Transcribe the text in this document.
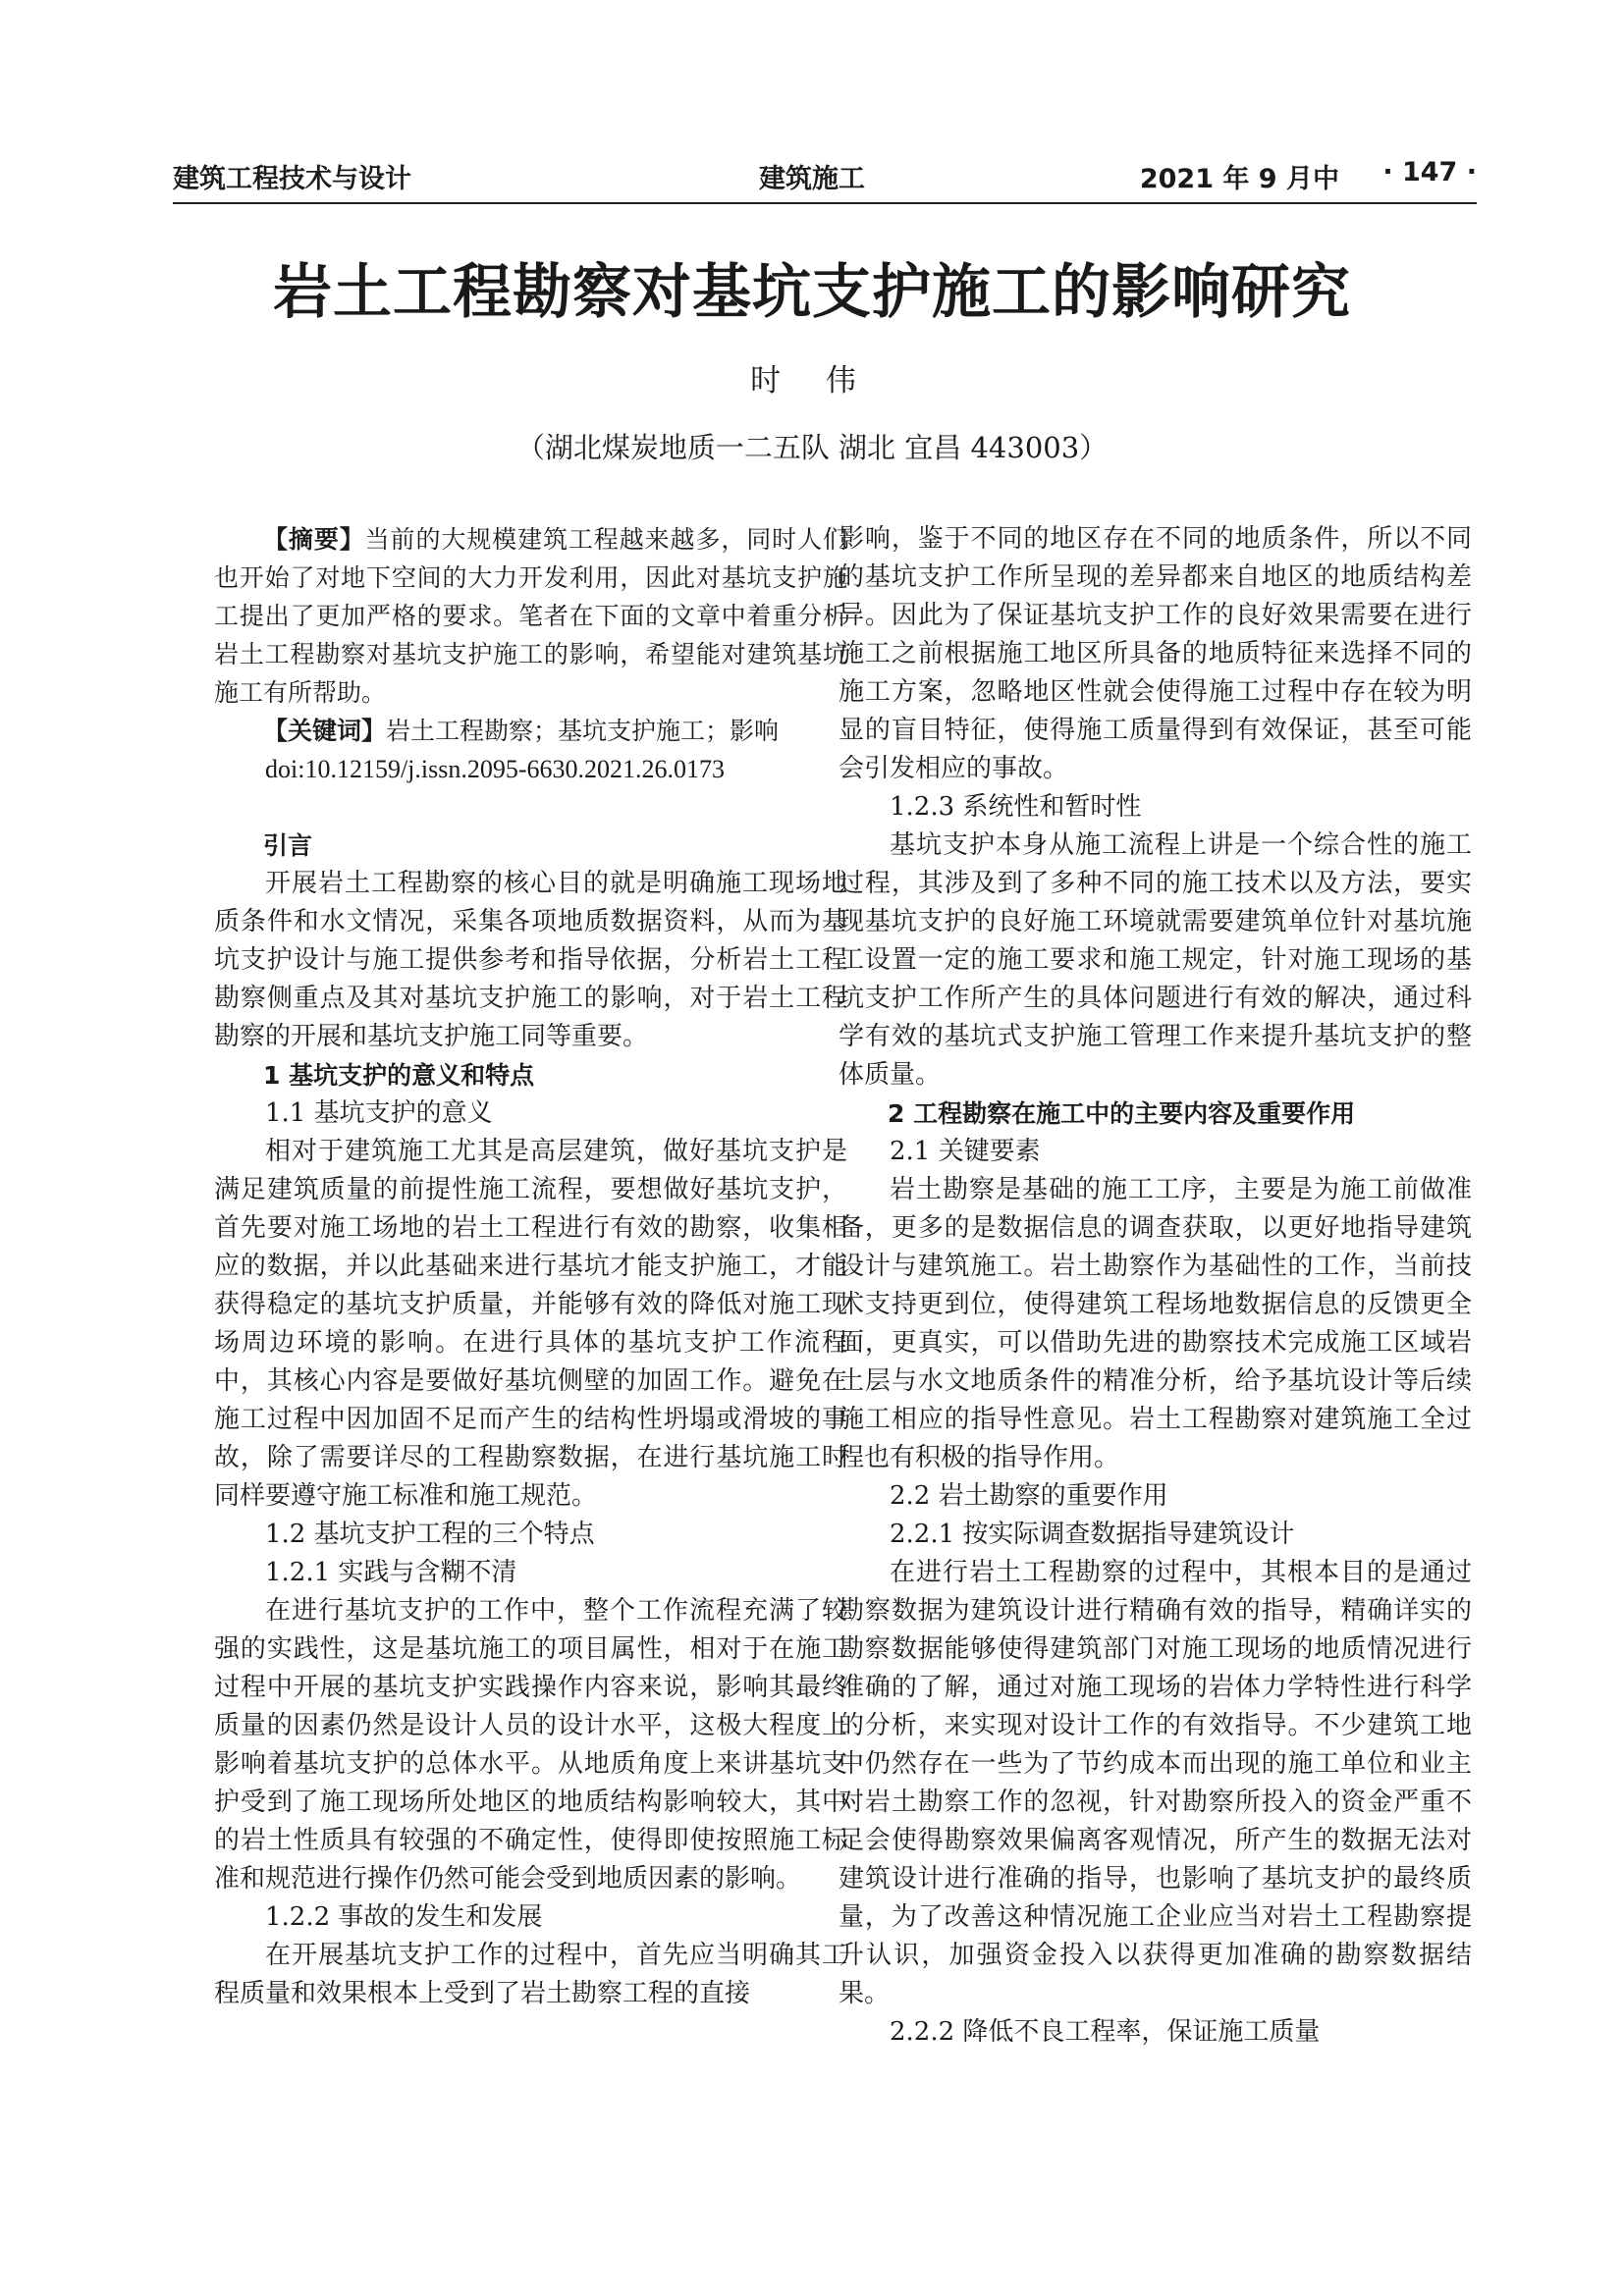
建筑工程技术与设计	建筑施工	2021 年 9 月中 · 147 ·
岩土工程勘察对基坑支护施工的影响研究
时 伟
（湖北煤炭地质一二五队 湖北 宜昌 443003）

【摘要】当前的大规模建筑工程越来越多，同时人们也开始了对地下空间的大力开发利用，因此对基坑支护施工提出了更加严格的要求。笔者在下面的文章中着重分析岩土工程勘察对基坑支护施工的影响，希望能对建筑基坑施工有所帮助。

【关键词】岩土工程勘察；基坑支护施工；影响

doi:10.12159/j.issn.2095-6630.2021.26.0173

引言

开展岩土工程勘察的核心目的就是明确施工现场地质条件和水文情况，采集各项地质数据资料，从而为基坑支护设计与施工提供参考和指导依据，分析岩土工程勘察侧重点及其对基坑支护施工的影响，对于岩土工程勘察的开展和基坑支护施工同等重要。

1 基坑支护的意义和特点

1.1 基坑支护的意义

相对于建筑施工尤其是高层建筑，做好基坑支护是满足建筑质量的前提性施工流程，要想做好基坑支护，首先要对施工场地的岩土工程进行有效的勘察，收集相应的数据，并以此基础来进行基坑才能支护施工，才能获得稳定的基坑支护质量，并能够有效的降低对施工现场周边环境的影响。在进行具体的基坑支护工作流程中，其核心内容是要做好基坑侧壁的加固工作。避免在施工过程中因加固不足而产生的结构性坍塌或滑坡的事故，除了需要详尽的工程勘察数据，在进行基坑施工时同样要遵守施工标准和施工规范。

1.2 基坑支护工程的三个特点

1.2.1 实践与含糊不清

在进行基坑支护的工作中，整个工作流程充满了较强的实践性，这是基坑施工的项目属性，相对于在施工过程中开展的基坑支护实践操作内容来说，影响其最终质量的因素仍然是设计人员的设计水平，这极大程度上影响着基坑支护的总体水平。从地质角度上来讲基坑支护受到了施工现场所处地区的地质结构影响较大，其中的岩土性质具有较强的不确定性，使得即使按照施工标准和规范进行操作仍然可能会受到地质因素的影响。

1.2.2 事故的发生和发展

在开展基坑支护工作的过程中，首先应当明确其工程质量和效果根本上受到了岩土勘察工程的直接

影响，鉴于不同的地区存在不同的地质条件，所以不同的基坑支护工作所呈现的差异都来自地区的地质结构差异。因此为了保证基坑支护工作的良好效果需要在进行施工之前根据施工地区所具备的地质特征来选择不同的施工方案，忽略地区性就会使得施工过程中存在较为明显的盲目特征，使得施工质量得到有效保证，甚至可能会引发相应的事故。

1.2.3 系统性和暂时性

基坑支护本身从施工流程上讲是一个综合性的施工过程，其涉及到了多种不同的施工技术以及方法，要实现基坑支护的良好施工环境就需要建筑单位针对基坑施工设置一定的施工要求和施工规定，针对施工现场的基坑支护工作所产生的具体问题进行有效的解决，通过科学有效的基坑式支护施工管理工作来提升基坑支护的整体质量。

2 工程勘察在施工中的主要内容及重要作用

2.1 关键要素

岩土勘察是基础的施工工序，主要是为施工前做准备，更多的是数据信息的调查获取，以更好地指导建筑设计与建筑施工。岩土勘察作为基础性的工作，当前技术支持更到位，使得建筑工程场地数据信息的反馈更全面，更真实，可以借助先进的勘察技术完成施工区域岩土层与水文地质条件的精准分析，给予基坑设计等后续施工相应的指导性意见。岩土工程勘察对建筑施工全过程也有积极的指导作用。

2.2 岩土勘察的重要作用

2.2.1 按实际调查数据指导建筑设计

在进行岩土工程勘察的过程中，其根本目的是通过勘察数据为建筑设计进行精确有效的指导，精确详实的勘察数据能够使得建筑部门对施工现场的地质情况进行准确的了解，通过对施工现场的岩体力学特性进行科学的分析，来实现对设计工作的有效指导。不少建筑工地中仍然存在一些为了节约成本而出现的施工单位和业主对岩土勘察工作的忽视，针对勘察所投入的资金严重不足会使得勘察效果偏离客观情况，所产生的数据无法对建筑设计进行准确的指导，也影响了基坑支护的最终质量，为了改善这种情况施工企业应当对岩土工程勘察提升认识，加强资金投入以获得更加准确的勘察数据结果。

2.2.2 降低不良工程率，保证施工质量
